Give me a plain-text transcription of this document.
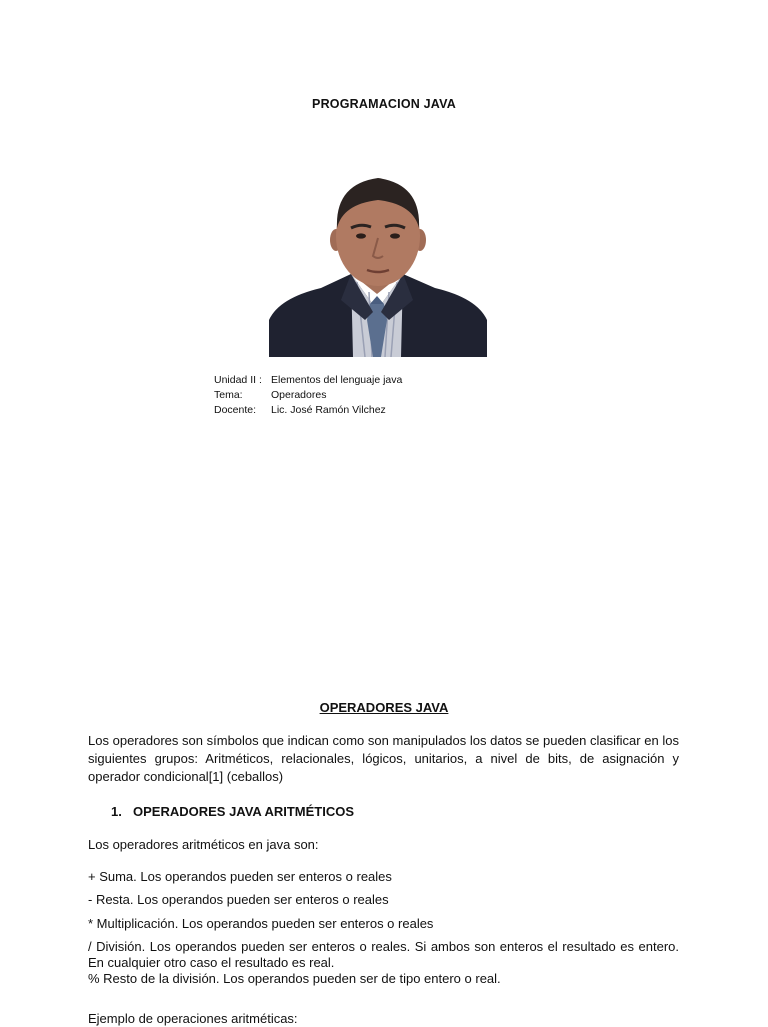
PROGRAMACION JAVA
Unidad II : Elementos del lenguaje java
Tema:	Operadores
Docente:	Lic. José Ramón Vilchez
OPERADORES JAVA

Los operadores son símbolos que indican como son manipulados los datos se pueden clasificar en los siguientes grupos: Aritméticos, relacionales, lógicos, unitarios, a nivel de bits, de asignación y operador condicional[1] (ceballos)

1. OPERADORES JAVA ARITMÉTICOS

Los operadores aritméticos en java son:

+ Suma. Los operandos pueden ser enteros o reales

- Resta. Los operandos pueden ser enteros o reales

* Multiplicación. Los operandos pueden ser enteros o reales

/ División. Los operandos pueden ser enteros o reales. Si ambos son enteros el resultado es entero. En cualquier otro caso el resultado es real.

% Resto de la división. Los operandos pueden ser de tipo entero o real.

Ejemplo de operaciones aritméticas:
